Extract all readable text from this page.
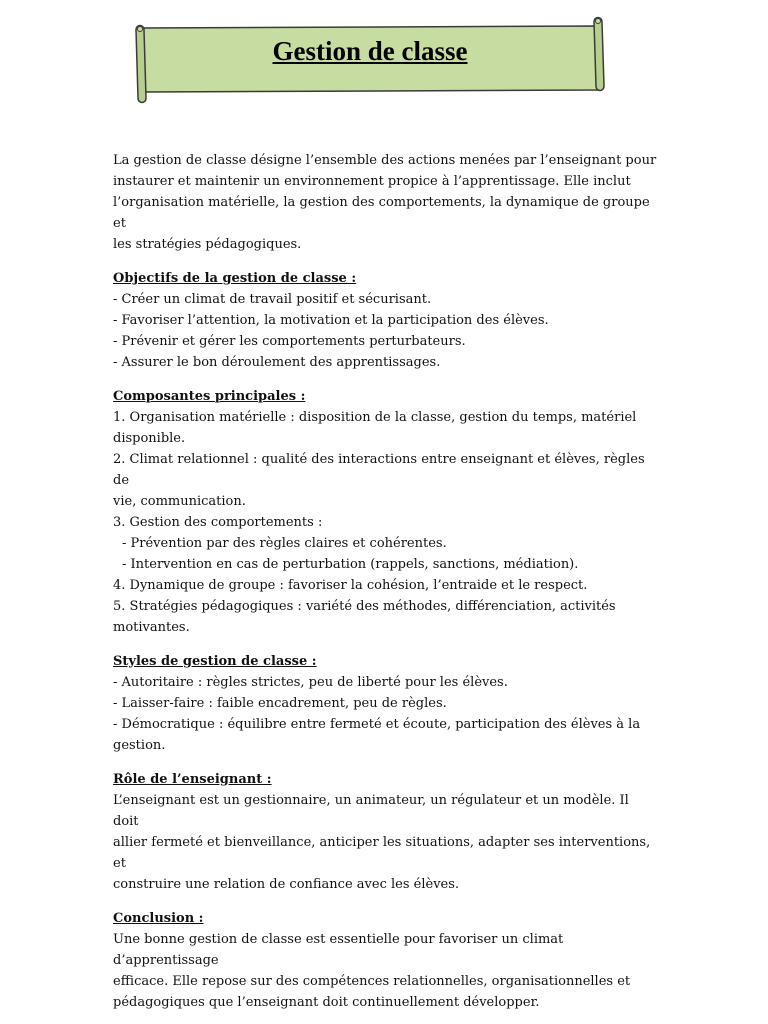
Gestion de classe

La gestion de classe désigne l’ensemble des actions menées par l’enseignant pour

instaurer et maintenir un environnement propice à l’apprentissage. Elle inclut

l’organisation matérielle, la gestion des comportements, la dynamique de groupe et

les stratégies pédagogiques.

Objectifs de la gestion de classe :

- Créer un climat de travail positif et sécurisant.

- Favoriser l’attention, la motivation et la participation des élèves.

- Prévenir et gérer les comportements perturbateurs.

- Assurer le bon déroulement des apprentissages.

Composantes principales :

1. Organisation matérielle : disposition de la classe, gestion du temps, matériel

disponible.

2. Climat relationnel : qualité des interactions entre enseignant et élèves, règles de

vie, communication.

3. Gestion des comportements :

- Prévention par des règles claires et cohérentes.

- Intervention en cas de perturbation (rappels, sanctions, médiation).

4. Dynamique de groupe : favoriser la cohésion, l’entraide et le respect.

5. Stratégies pédagogiques : variété des méthodes, différenciation, activités

motivantes.

Styles de gestion de classe :

- Autoritaire : règles strictes, peu de liberté pour les élèves.

- Laisser-faire : faible encadrement, peu de règles.

- Démocratique : équilibre entre fermeté et écoute, participation des élèves à la

gestion.

Rôle de l’enseignant :

L’enseignant est un gestionnaire, un animateur, un régulateur et un modèle. Il doit

allier fermeté et bienveillance, anticiper les situations, adapter ses interventions, et

construire une relation de confiance avec les élèves.

Conclusion :

Une bonne gestion de classe est essentielle pour favoriser un climat d’apprentissage

efficace. Elle repose sur des compétences relationnelles, organisationnelles et

pédagogiques que l’enseignant doit continuellement développer.
